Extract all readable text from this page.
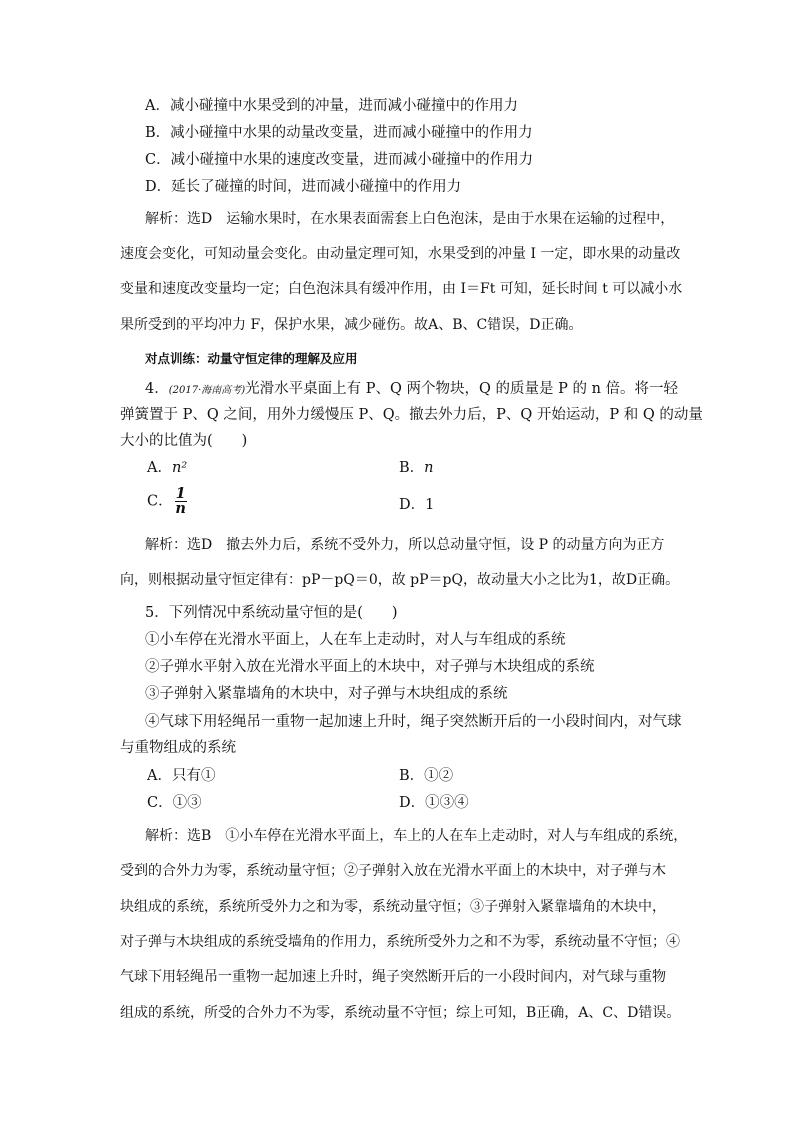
A．减小碰撞中水果受到的冲量，进而减小碰撞中的作用力
B．减小碰撞中水果的动量改变量，进而减小碰撞中的作用力
C．减小碰撞中水果的速度改变量，进而减小碰撞中的作用力
D．延长了碰撞的时间，进而减小碰撞中的作用力
解析：选D　运输水果时，在水果表面需套上白色泡沫，是由于水果在运输的过程中，
速度会变化，可知动量会变化。由动量定理可知，水果受到的冲量 I 一定，即水果的动量改
变量和速度改变量均一定；白色泡沫具有缓冲作用，由 I＝Ft 可知，延长时间 t 可以减小水
果所受到的平均冲力 F，保护水果，减少碰伤。故A、B、C错误，D正确。
对点训练：动量守恒定律的理解及应用
4．(2017·海南高考)光滑水平桌面上有 P、Q 两个物块，Q 的质量是 P 的 n 倍。将一轻
弹簧置于 P、Q 之间，用外力缓慢压 P、Q。撤去外力后，P、Q 开始运动，P 和 Q 的动量
大小的比值为(　　)
A．n²	B．n
C． $\frac{1}{n}$	D．1
解析：选D　撤去外力后，系统不受外力，所以总动量守恒，设 P 的动量方向为正方
向，则根据动量守恒定律有：pP－pQ＝0，故 pP＝pQ，故动量大小之比为1，故D正确。
5．下列情况中系统动量守恒的是(　　)
①小车停在光滑水平面上，人在车上走动时，对人与车组成的系统
②子弹水平射入放在光滑水平面上的木块中，对子弹与木块组成的系统
③子弹射入紧靠墙角的木块中，对子弹与木块组成的系统
④气球下用轻绳吊一重物一起加速上升时，绳子突然断开后的一小段时间内，对气球
与重物组成的系统
A．只有①	B．①②
C．①③	D．①③④
解析：选B　①小车停在光滑水平面上，车上的人在车上走动时，对人与车组成的系统，
受到的合外力为零，系统动量守恒；②子弹射入放在光滑水平面上的木块中，对子弹与木
块组成的系统，系统所受外力之和为零，系统动量守恒；③子弹射入紧靠墙角的木块中，
对子弹与木块组成的系统受墙角的作用力，系统所受外力之和不为零，系统动量不守恒；④
气球下用轻绳吊一重物一起加速上升时，绳子突然断开后的一小段时间内，对气球与重物
组成的系统，所受的合外力不为零，系统动量不守恒；综上可知，B正确，A、C、D错误。
